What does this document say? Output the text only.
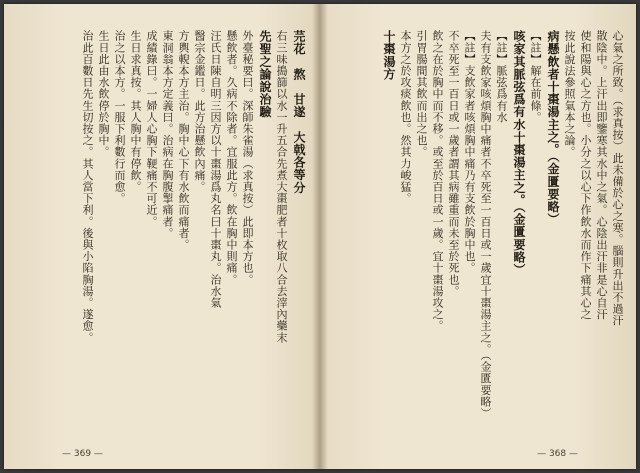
芫花　熬　甘遂　大戟各等分
右三味搗篩以水一升五合先煮大棗肥者十枚取八合去滓內藥末
先聖之論說治驗
外臺秘要曰。深師朱雀湯（求真按）此即本方也。
懸飲者。久病不除者。宜服此方。飲在胸中則痛。
汪氏日陳自明三因方以十棗湯爲丸名曰十棗丸。治水氣
醫宗金鑑日。此方治懸飲內痛。
方輿輗本方主治。胸中心下有水飲而痛者。
東洞翁本方定義曰。治病在胸腹掣痛者。
成績錄曰。一婦人心胸下鞕痛不可近。
生日求真按。其人胸中有停飲。
治之以本方。一服下利數行而愈。
生日此由水飲停於胸中。
治此百數日先生切按之。其人當下利。後與小陷胸湯。遂愈。
— 369 —
心氣之所致。（求真按）此未備於心之寒。腦則升出不過汗
散陰中。上汗出即鑒寒其水中之氣。心陰出汗非是心自汗
使和陽與心之方也。小分之以心下作飲水而作下痛其心之
按此說法參照氣本之論。
病懸飲者十棗湯主之。（金匱要略）
【註】解在前條。
咳家其脈弦爲有水十棗湯主之。（金匱要略）
【註】脈弦爲有水
夫有支飲家咳煩胸中痛者不卒死至一百日或一歲宜十棗湯主之。（金匱要略）
【註】支飲家者咳煩胸中痛乃有支飲於胸中也。
不卒死至一百日或一歲者謂其病雖重而未至於死也。
飲之在於胸中而不移。或至於百日或一歲。宜十棗湯攻之。
引胃腸間其飲而出之也。
本方之於攻痰飲也。然其力峻猛。
十棗湯方
— 368 —
